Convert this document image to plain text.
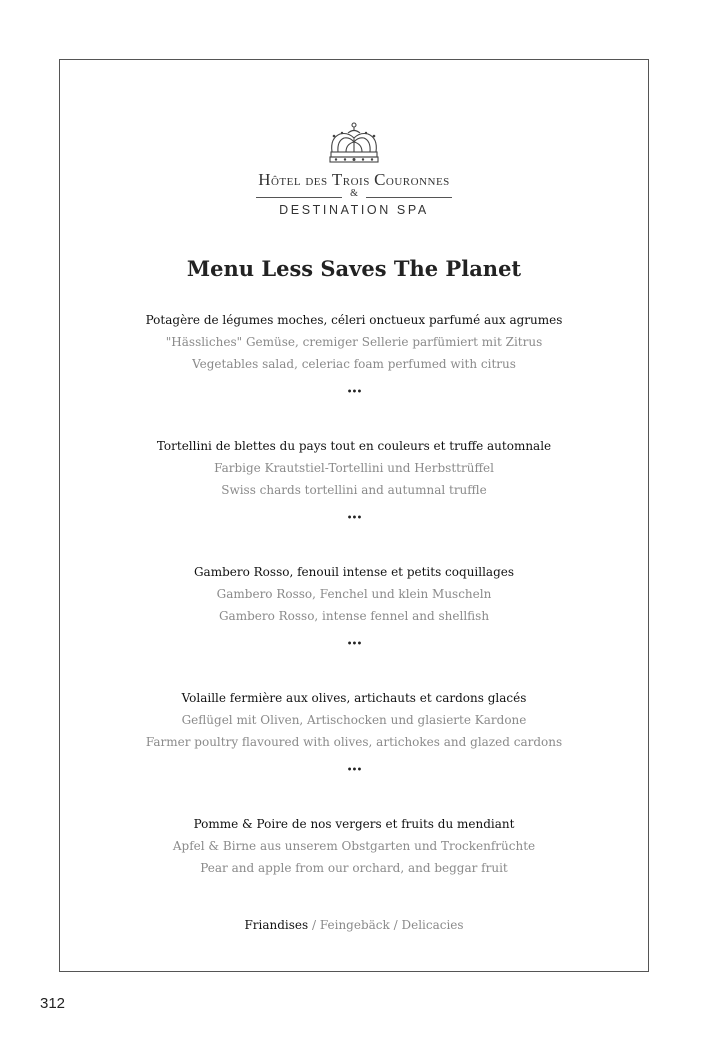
Hôtel des Trois Couronnes
&
DESTINATION SPA
Menu Less Saves The Planet
Potagère de légumes moches, céleri onctueux parfumé aux agrumes
"Hässliches" Gemüse, cremiger Sellerie parfümiert mit Zitrus
Vegetables salad, celeriac foam perfumed with citrus
•••
Tortellini de blettes du pays tout en couleurs et truffe automnale
Farbige Krautstiel-Tortellini und Herbsttrüffel
Swiss chards tortellini and autumnal truffle
•••
Gambero Rosso, fenouil intense et petits coquillages
Gambero Rosso, Fenchel und klein Muscheln
Gambero Rosso, intense fennel and shellfish
•••
Volaille fermière aux olives, artichauts et cardons glacés
Geflügel mit Oliven, Artischocken und glasierte Kardone
Farmer poultry flavoured with olives, artichokes and glazed cardons
•••
Pomme & Poire de nos vergers et fruits du mendiant
Apfel & Birne aus unserem Obstgarten und Trockenfrüchte
Pear and apple from our orchard, and beggar fruit
Friandises / Feingebäck / Delicacies
312
